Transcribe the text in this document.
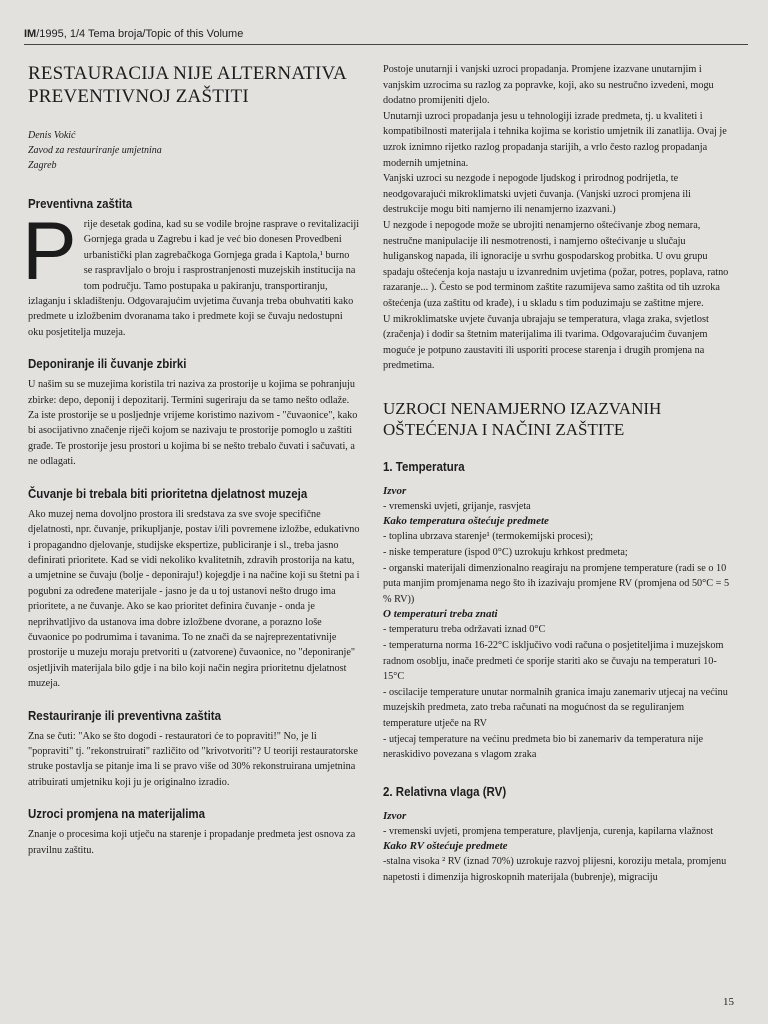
IM/1995, 1/4 Tema broja/Topic of this Volume
RESTAURACIJA NIJE ALTERNATIVA
PREVENTIVNOJ ZAŠTITI
Denis Vokić
Zavod za restauriranje umjetnina
Zagreb
Preventivna zaštita
P rije desetak godina, kad su se vodile brojne rasprave o revitalizaciji Gornjega grada u Zagrebu i kad je već bio donesen Provedbeni urbanistički plan zagrebačkoga Gornjega grada i Kaptola,¹ burno se raspravljalo o broju i rasprostranjenosti muzejskih institucija na tom području. Tamo postupaka u pakiranju, transportiranju, izlaganju i skladištenju. Odgovarajućim uvjetima čuvanja treba obuhvatiti kako predmete u izložbenim dvoranama tako i predmete koji se čuvaju nedostupni oku posjetitelja muzeja.

Deponiranje ili čuvanje zbirki

U našim su se muzejima koristila tri naziva za prostorije u kojima se pohranjuju zbirke: depo, deponij i depozitarij. Termini sugeriraju da se tamo nešto odlaže. Za iste prostorije se u posljednje vrijeme koristimo nazivom - "čuvaonice", kako bi asocijativno značenje riječi kojom se nazivaju te prostorije pomoglo u zaštiti građe. Te prostorije jesu prostori u kojima bi se nešto trebalo čuvati i sačuvati, a ne odlagati.

Čuvanje bi trebala biti prioritetna djelatnost muzeja

Ako muzej nema dovoljno prostora ili sredstava za sve svoje specifične djelatnosti, npr. čuvanje, prikupljanje, postav i/ili povremene izložbe, edukativno i propagandno djelovanje, studijske ekspertize, publiciranje i sl., treba jasno definirati prioritete. Kad se vidi nekoliko kvalitetnih, zdravih prostorija na katu, a umjetnine se čuvaju (bolje - deponiraju!) kojegdje i na načine koji su štetni pa i pogubni za određene materijale - jasno je da u toj ustanovi nešto drugo ima prioritete, a ne čuvanje. Ako se kao prioritet definira čuvanje - onda je neprihvatljivo da ustanova ima dobre izložbene dvorane, a porazno loše čuvaonice po podrumima i tavanima. To ne znači da se najreprezentativnije prostorije u muzeju moraju pretvoriti u (zatvorene) čuvaonice, no "deponiranje" osjetljivih materijala bilo gdje i na bilo koji način negira prioritetnu djelatnost muzeja.

Restauriranje ili preventivna zaštita

Zna se čuti: "Ako se što dogodi - restauratori će to popraviti!" No, je li "popraviti" tj. "rekonstruirati" različito od "krivotvoriti"? U teoriji restauratorske struke postavlja se pitanje ima li se pravo više od 30% rekonstruirana umjetnina atribuirati umjetniku koji ju je originalno izradio.

Uzroci promjena na materijalima

Znanje o procesima koji utječu na starenje i propadanje predmeta jest osnova za pravilnu zaštitu.

Postoje unutarnji i vanjski uzroci propadanja. Promjene izazvane unutarnjim i vanjskim uzrocima su razlog za popravke, koji, ako su nestručno izvedeni, mogu dodatno promijeniti djelo.

Unutarnji uzroci propadanja jesu u tehnologiji izrade predmeta, tj. u kvaliteti i kompatibilnosti materijala i tehnika kojima se koristio umjetnik ili zanatlija. Ovaj je uzrok iznimno rijetko razlog propadanja starijih, a vrlo često razlog propadanja modernih umjetnina.

Vanjski uzroci su nezgode i nepogode ljudskog i prirodnog podrijetla, te neodgovarajući mikroklimatski uvjeti čuvanja. (Vanjski uzroci promjena ili destrukcije mogu biti namjerno ili nenamjerno izazvani.)

U nezgode i nepogode može se ubrojiti nenamjerno oštećivanje zbog nemara, nestručne manipulacije ili nesmotrenosti, i namjerno oštećivanje u slučaju huliganskog napada, ili ignoracije u svrhu gospodarskog probitka. U ovu grupu spadaju oštećenja koja nastaju u izvanrednim uvjetima (požar, potres, poplava, ratno razaranje... ). Često se pod terminom zaštite razumijeva samo zaštita od tih uzroka oštećenja (uza zaštitu od krađe), i u skladu s tim poduzimaju se zaštitne mjere.

U mikroklimatske uvjete čuvanja ubrajaju se temperatura, vlaga zraka, svjetlost (zračenja) i dodir sa štetnim materijalima ili tvarima. Odgovarajućim čuvanjem moguće je potpuno zaustaviti ili usporiti procese starenja i drugih promjena na predmetima.

UZROCI NENAMJERNO IZAZVANIH
OŠTEĆENJA I NAČINI ZAŠTITE
1. Temperatura

Izvor

- vremenski uvjeti, grijanje, rasvjeta

Kako temperatura oštećuje predmete

- toplina ubrzava starenje¹ (termokemijski procesi);

- niske temperature (ispod 0°C) uzrokuju krhkost predmeta;

- organski materijali dimenzionalno reagiraju na promjene temperature (radi se o 10 puta manjim promjenama nego što ih izazivaju promjene RV (promjena od 50°C = 5 % RV))

O temperaturi treba znati

- temperaturu treba održavati iznad 0°C

- temperaturna norma 16-22°C isključivo vodi računa o posjetiteljima i muzejskom radnom osoblju, inače predmeti će sporije stariti ako se čuvaju na temperaturi 10-15°C

- oscilacije temperature unutar normalnih granica imaju zanemariv utjecaj na većinu muzejskih predmeta, zato treba računati na mogućnost da se reguliranjem temperature utječe na RV

- utjecaj temperature na većinu predmeta bio bi zanemariv da temperatura nije neraskidivo povezana s vlagom zraka

2. Relativna vlaga (RV)

Izvor

- vremenski uvjeti, promjena temperature, plavljenja, curenja, kapilarna vlažnost

Kako RV oštećuje predmete

-stalna visoka ² RV (iznad 70%) uzrokuje razvoj plijesni, koroziju metala, promjenu napetosti i dimenzija higroskopnih materijala (bubrenje), migraciju

15
